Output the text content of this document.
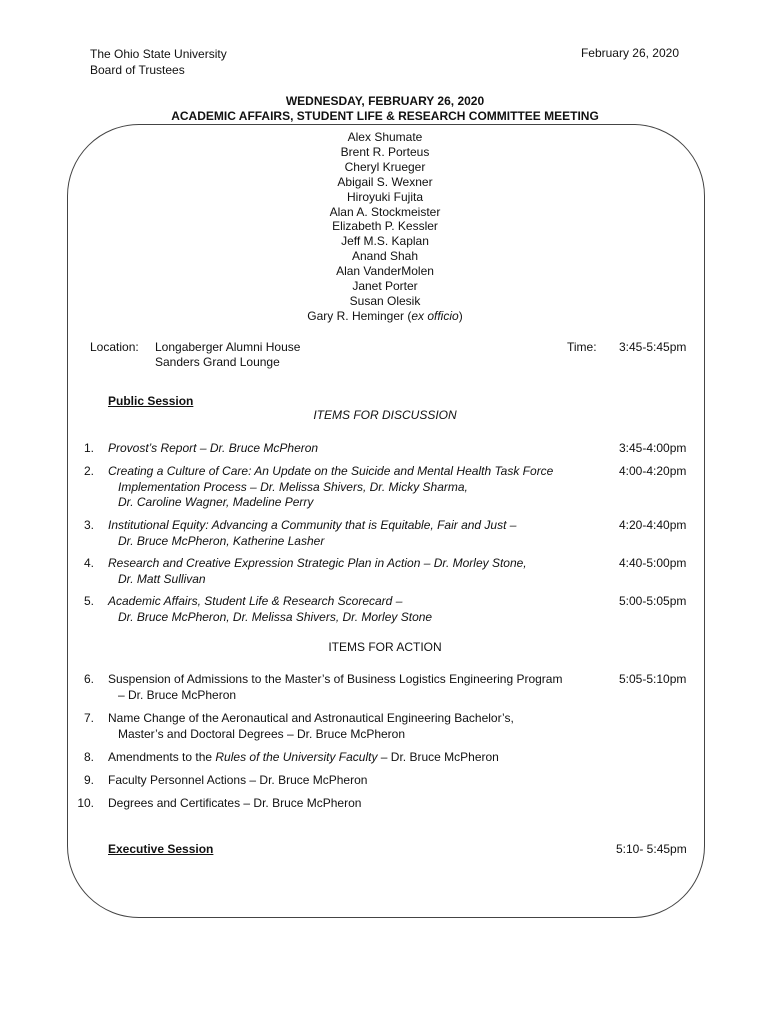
The Ohio State University
Board of Trustees
February 26, 2020
WEDNESDAY, FEBRUARY 26, 2020
ACADEMIC AFFAIRS, STUDENT LIFE & RESEARCH COMMITTEE MEETING
Alex Shumate
Brent R. Porteus
Cheryl Krueger
Abigail S. Wexner
Hiroyuki Fujita
Alan A. Stockmeister
Elizabeth P. Kessler
Jeff M.S. Kaplan
Anand Shah
Alan VanderMolen
Janet Porter
Susan Olesik
Gary R. Heminger (ex officio)
Location: Longaberger Alumni House
Sanders Grand Lounge
Time: 3:45-5:45pm
Public Session
ITEMS FOR DISCUSSION
1. Provost’s Report – Dr. Bruce McPheron	3:45-4:00pm
2. Creating a Culture of Care: An Update on the Suicide and Mental Health Task Force
Implementation Process – Dr. Melissa Shivers, Dr. Micky Sharma,
Dr. Caroline Wagner, Madeline Perry
4:00-4:20pm
3. Institutional Equity: Advancing a Community that is Equitable, Fair and Just –
Dr. Bruce McPheron, Katherine Lasher
4:20-4:40pm
4. Research and Creative Expression Strategic Plan in Action – Dr. Morley Stone,
Dr. Matt Sullivan
4:40-5:00pm
5. Academic Affairs, Student Life & Research Scorecard –
Dr. Bruce McPheron, Dr. Melissa Shivers, Dr. Morley Stone
5:00-5:05pm
ITEMS FOR ACTION
6. Suspension of Admissions to the Master’s of Business Logistics Engineering Program
– Dr. Bruce McPheron
5:05-5:10pm
7. Name Change of the Aeronautical and Astronautical Engineering Bachelor’s,
Master’s and Doctoral Degrees – Dr. Bruce McPheron
8. Amendments to the Rules of the University Faculty – Dr. Bruce McPheron
9. Faculty Personnel Actions – Dr. Bruce McPheron
10. Degrees and Certificates – Dr. Bruce McPheron
Executive Session	5:10- 5:45pm
